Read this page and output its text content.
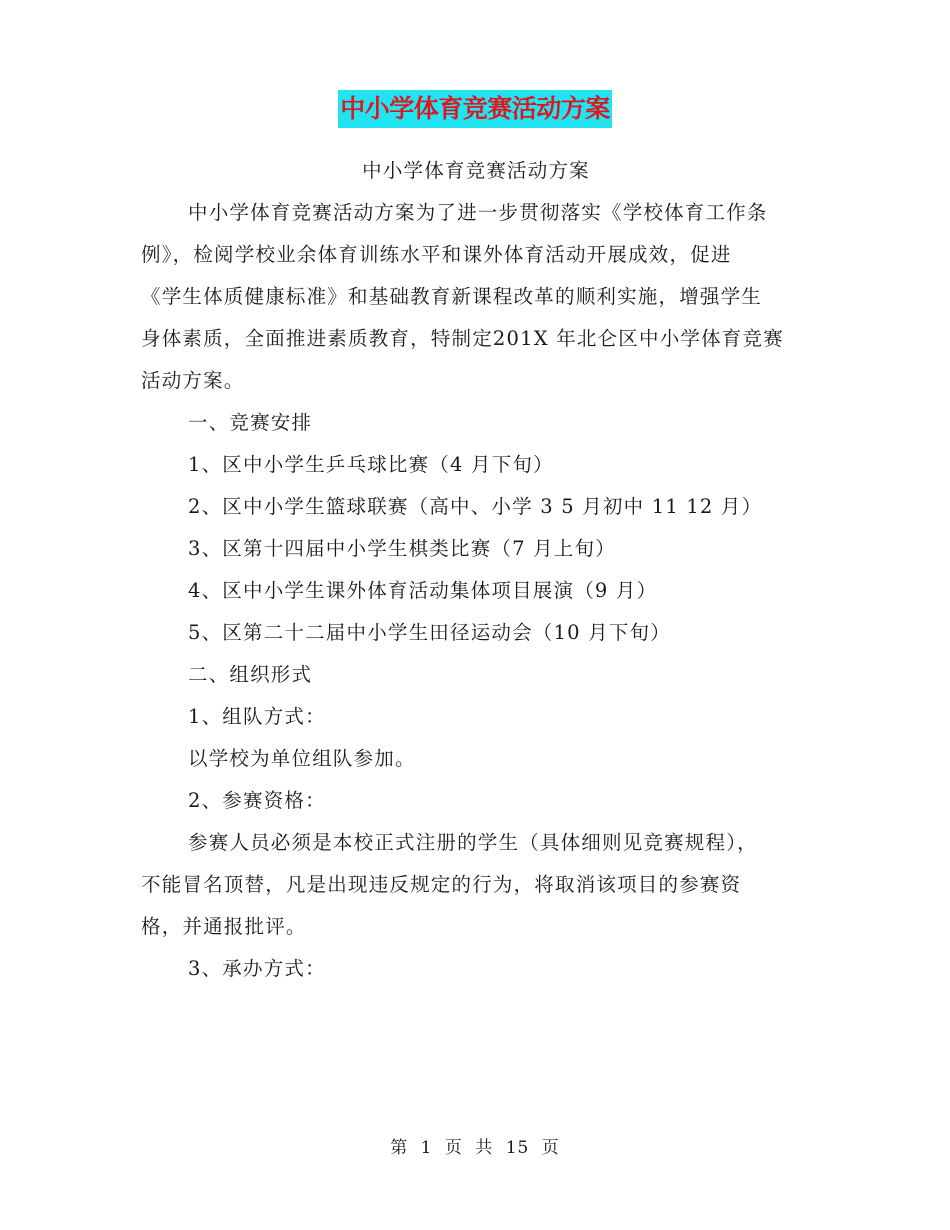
中小学体育竞赛活动方案

中小学体育竞赛活动方案

中小学体育竞赛活动方案为了进一步贯彻落实《学校体育工作条

例》，检阅学校业余体育训练水平和课外体育活动开展成效，促进

《学生体质健康标准》和基础教育新课程改革的顺利实施，增强学生

身体素质，全面推进素质教育，特制定201X 年北仑区中小学体育竞赛

活动方案。

一、竞赛安排

1、区中小学生乒乓球比赛（4 月下旬）

2、区中小学生篮球联赛（高中、小学 3 5 月初中 11 12 月）

3、区第十四届中小学生棋类比赛（7 月上旬）

4、区中小学生课外体育活动集体项目展演（9 月）

5、区第二十二届中小学生田径运动会（10 月下旬）

二、组织形式

1、组队方式：

以学校为单位组队参加。

2、参赛资格：

参赛人员必须是本校正式注册的学生（具体细则见竞赛规程），

不能冒名顶替，凡是出现违反规定的行为，将取消该项目的参赛资

格，并通报批评。

3、承办方式：

第 1 页 共 15 页
